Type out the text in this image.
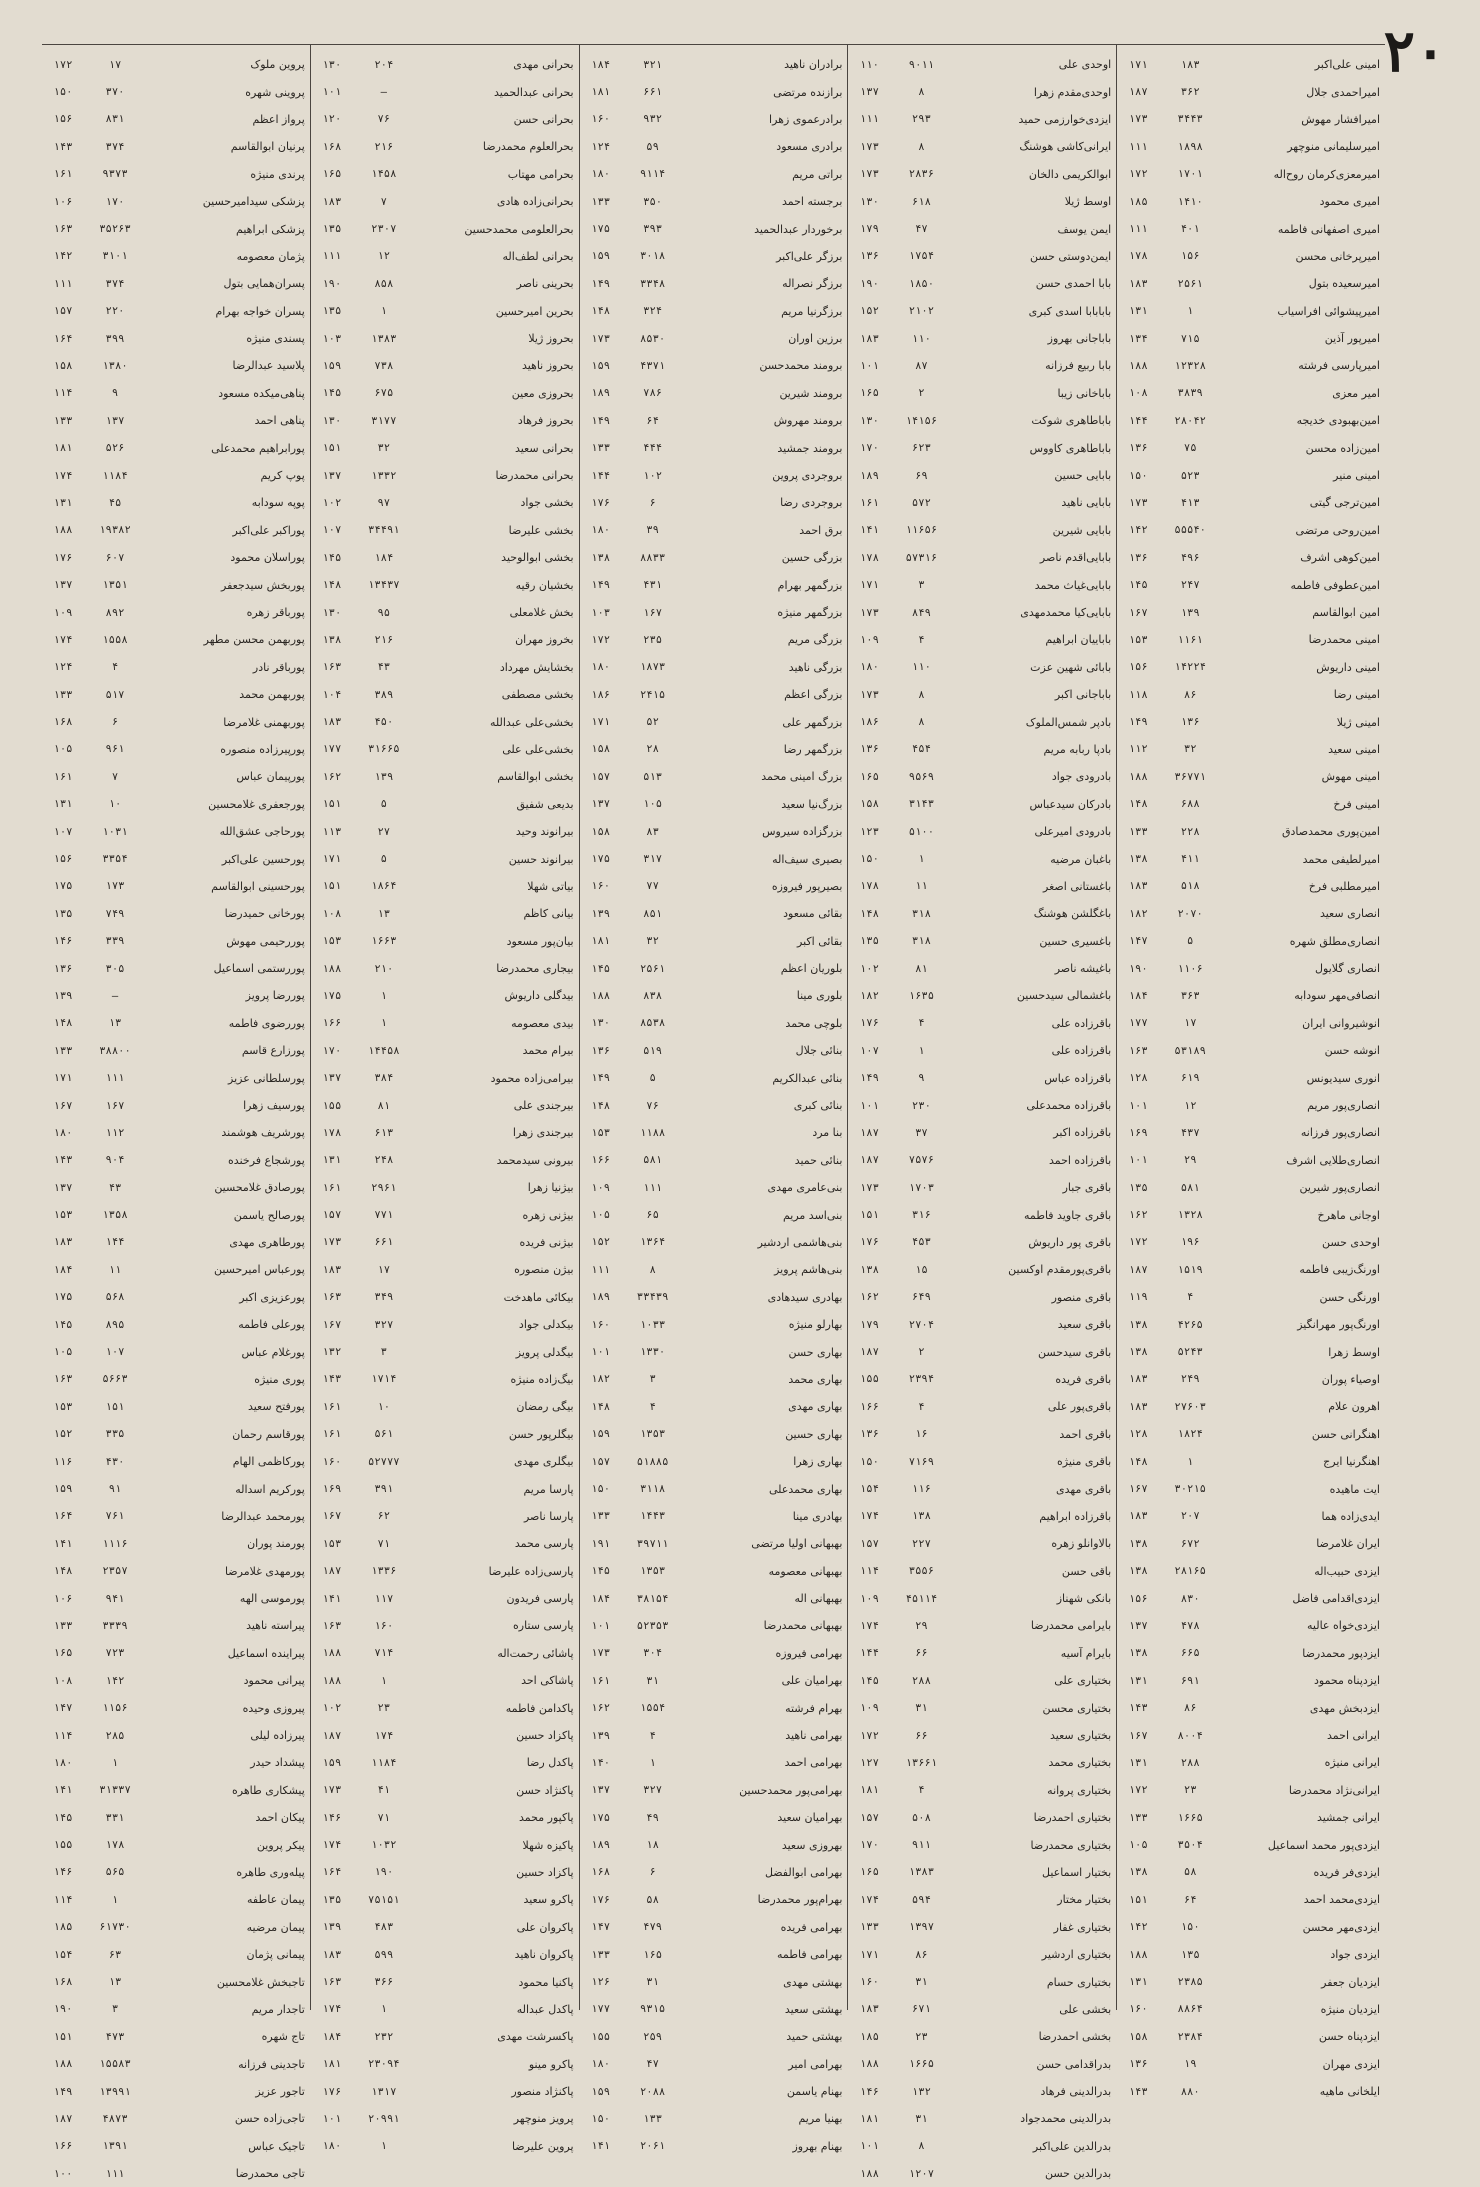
۲۰
امینی علی‌اکبر
۱۸۳
۱۷۱
امیراحمدی جلال
۳۶۲
۱۸۷
امیرافشار مهوش
۳۴۴۳
۱۷۳
امیرسلیمانی منوچهر
۱۸۹۸
۱۱۱
امیرمعزی‌کرمان روح‌اله
۱۷۰۱
۱۷۲
امیری محمود
۱۴۱۰
۱۸۵
امیری اصفهانی فاطمه
۴۰۱
۱۱۱
امیرپرخانی محسن
۱۵۶
۱۷۸
امیرسعیده بتول
۲۵۶۱
۱۸۳
امیرپیشوائی افراسیاب
۱
۱۳۱
امیرپور آذین
۷۱۵
۱۳۴
امیرپارسی فرشته
۱۲۳۲۸
۱۸۸
امیر معزی
۳۸۳۹
۱۰۸
امین‌بهبودی خدیجه
۲۸۰۴۲
۱۴۴
امین‌زاده محسن
۷۵
۱۳۶
امینی منیر
۵۲۳
۱۵۰
امین‌ترجی گیتی
۴۱۳
۱۷۳
امین‌روحی مرتضی
۵۵۵۴۰
۱۴۲
امین‌کوهی اشرف
۴۹۶
۱۳۶
امین‌عطوفی فاطمه
۲۴۷
۱۴۵
امین ابوالقاسم
۱۳۹
۱۶۷
امینی محمدرضا
۱۱۶۱
۱۵۳
امینی داریوش
۱۴۲۲۴
۱۵۶
امینی رضا
۸۶
۱۱۸
امینی ژیلا
۱۳۶
۱۴۹
امینی سعید
۳۲
۱۱۲
امینی مهوش
۳۶۷۷۱
۱۸۸
امینی فرخ
۶۸۸
۱۴۸
امین‌پوری محمدصادق
۲۲۸
۱۳۳
امیرلطیفی محمد
۴۱۱
۱۳۸
امیرمطلبی فرخ
۵۱۸
۱۸۳
انصاری سعید
۲۰۷۰
۱۸۲
انصاری‌مطلق شهره
۵
۱۴۷
انصاری گلایول
۱۱۰۶
۱۹۰
انصافی‌مهر سودابه
۳۶۳
۱۸۴
انوشیروانی ایران
۱۷
۱۷۷
انوشه حسن
۵۳۱۸۹
۱۶۳
انوری سیدیونس
۶۱۹
۱۲۸
انصاری‌پور مریم
۱۲
۱۰۱
انصاری‌پور فرزانه
۴۳۷
۱۶۹
انصاری‌طلایی اشرف
۲۹
۱۰۱
انصاری‌پور شیرین
۵۸۱
۱۳۵
اوجانی ماهرخ
۱۳۲۸
۱۶۲
اوحدی حسن
۱۹۶
۱۷۲
اورنگ‌زیبی فاطمه
۱۵۱۹
۱۸۷
اورنگی حسن
۴
۱۱۹
اورنگ‌پور مهرانگیز
۴۲۶۵
۱۳۸
اوسط زهرا
۵۲۴۳
۱۳۸
اوصیاء پوران
۲۴۹
۱۸۳
اهرون علام
۲۷۶۰۳
۱۸۳
اهنگرانی حسن
۱۸۲۴
۱۲۸
اهنگرنیا ایرج
۱
۱۴۸
ایت ماهیده
۳۰۲۱۵
۱۶۷
ایدی‌زاده هما
۲۰۷
۱۸۳
ایران غلامرضا
۶۷۲
۱۳۸
ایزدی حبیب‌اله
۲۸۱۶۵
۱۳۸
ایزدی‌اقدامی فاضل
۸۳۰
۱۵۶
ایزدی‌خواه عالیه
۴۷۸
۱۳۷
ایزدپور محمدرضا
۶۶۵
۱۳۸
ایزدپناه محمود
۶۹۱
۱۳۱
ایزدبخش مهدی
۸۶
۱۴۳
ایرانی احمد
۸۰۰۴
۱۶۷
ایرانی منیژه
۲۸۸
۱۳۱
ایرانی‌نژاد محمدرضا
۲۳
۱۷۲
ایرانی جمشید
۱۶۶۵
۱۳۳
ایزدی‌پور محمد اسماعیل
۳۵۰۴
۱۰۵
ایزدی‌فر فریده
۵۸
۱۳۸
ایزدی‌محمد احمد
۶۴
۱۵۱
ایزدی‌مهر محسن
۱۵۰
۱۴۲
ایزدی جواد
۱۳۵
۱۸۸
ایزدیان جعفر
۲۳۸۵
۱۳۱
ایزدیان منیژه
۸۸۶۴
۱۶۰
ایزدپناه حسن
۲۳۸۴
۱۵۸
ایزدی مهران
۱۹
۱۳۶
ایلخانی ماهیه
۸۸۰
۱۴۳
اوحدی علی
۹۰۱۱
۱۱۰
اوحدی‌مقدم زهرا
۸
۱۳۷
ایزدی‌خوارزمی حمید
۲۹۳
۱۱۱
ایرانی‌کاشی هوشنگ
۸
۱۷۳
ابوالکریمی دالخان
۲۸۳۶
۱۷۳
اوسط ژیلا
۶۱۸
۱۳۰
ایمن یوسف
۴۷
۱۷۹
ایمن‌دوستی حسن
۱۷۵۴
۱۳۶
بابا احمدی حسن
۱۸۵۰
۱۹۰
بابابابا اسدی کبری
۲۱۰۲
۱۵۲
باباجانی بهروز
۱۱۰
۱۸۳
بابا ربیع فرزانه
۸۷
۱۰۱
باباخانی زیبا
۲
۱۶۵
باباطاهری شوکت
۱۴۱۵۶
۱۳۰
باباطاهری کاووس
۶۲۳
۱۷۰
بابایی حسین
۶۹
۱۸۹
بابایی ناهید
۵۷۲
۱۶۱
بابایی شیرین
۱۱۶۵۶
۱۴۱
بابایی‌اقدم ناصر
۵۷۳۱۶
۱۷۸
بابایی‌غیاث محمد
۳
۱۷۱
بابایی‌کیا محمدمهدی
۸۴۹
۱۷۳
باباییان ابراهیم
۴
۱۰۹
بابائی شهین عزت
۱۱۰
۱۸۰
باباجانی اکبر
۸
۱۷۳
بادپر شمس‌الملوک
۸
۱۸۶
بادپا ربابه مریم
۴۵۴
۱۳۶
بادرودی جواد
۹۵۶۹
۱۶۵
بادرکان سیدعباس
۳۱۴۳
۱۵۸
بادرودی امیرعلی
۵۱۰۰
۱۲۳
باغبان مرضیه
۱
۱۵۰
باغستانی اصغر
۱۱
۱۷۸
باغگلشن هوشنگ
۳۱۸
۱۴۸
باغسیری حسین
۳۱۸
۱۳۵
باغیشه ناصر
۸۱
۱۰۲
باغشمالی سیدحسین
۱۶۳۵
۱۸۲
باقرزاده علی
۴
۱۷۶
باقرزاده علی
۱
۱۰۷
باقرزاده عباس
۹
۱۴۹
باقرزاده محمدعلی
۲۳۰
۱۰۱
باقرزاده اکبر
۳۷
۱۸۷
باقرزاده احمد
۷۵۷۶
۱۸۷
باقری جبار
۱۷۰۳
۱۷۳
باقری جاوید فاطمه
۳۱۶
۱۵۱
باقری پور داریوش
۴۵۳
۱۷۶
باقری‌پورمقدم اوکسین
۱۵
۱۳۸
باقری منصور
۶۴۹
۱۶۲
باقری سعید
۲۷۰۴
۱۷۹
باقری سیدحسن
۲
۱۸۷
باقری فریده
۲۳۹۴
۱۵۵
باقری‌پور علی
۴
۱۶۶
باقری احمد
۱۶
۱۳۶
باقری منیژه
۷۱۶۹
۱۵۰
باقری مهدی
۱۱۶
۱۵۴
باقرزاده ابراهیم
۱۳۸
۱۷۴
بالاوانلو زهره
۲۲۷
۱۵۷
باقی حسن
۳۵۵۶
۱۱۴
بانکی شهناز
۴۵۱۱۴
۱۰۹
بایرامی محمدرضا
۲۹
۱۷۴
بایرام آسیه
۶۶
۱۴۴
بختیاری علی
۲۸۸
۱۴۵
بختیاری محسن
۳۱
۱۰۹
بختیاری سعید
۶۶
۱۷۲
بختیاری محمد
۱۳۶۶۱
۱۲۷
بختیاری پروانه
۴
۱۸۱
بختیاری احمدرضا
۵۰۸
۱۵۷
بختیاری محمدرضا
۹۱۱
۱۷۰
بختیار اسماعیل
۱۳۸۳
۱۶۵
بختیار مختار
۵۹۴
۱۷۴
بختیاری غفار
۱۳۹۷
۱۳۳
بختیاری اردشیر
۸۶
۱۷۱
بختیاری حسام
۳۱
۱۶۰
بخشی علی
۶۷۱
۱۸۳
بخشی احمدرضا
۲۳
۱۸۵
بدراقدامی حسن
۱۶۶۵
۱۸۸
بدرالدینی فرهاد
۱۳۲
۱۴۶
بدرالدینی محمدجواد
۳۱
۱۸۱
بدرالدین علی‌اکبر
۸
۱۰۱
بدرالدین حسن
۱۲۰۷
۱۸۸
برادران ناهید
۳۲۱
۱۸۴
برازنده مرتضی
۶۶۱
۱۸۱
برادرعموی زهرا
۹۳۲
۱۶۰
برادری مسعود
۵۹
۱۲۴
براتی مریم
۹۱۱۴
۱۸۰
برجسته احمد
۳۵۰
۱۳۳
برخوردار عبدالحمید
۳۹۳
۱۷۵
برزگر علی‌اکبر
۳۰۱۸
۱۵۹
برزگر نصراله
۳۳۴۸
۱۴۹
برزگرنیا مریم
۳۲۴
۱۴۸
برزین اوران
۸۵۳۰
۱۷۳
برومند محمدحسن
۴۳۷۱
۱۵۹
برومند شیرین
۷۸۶
۱۸۹
برومند مهروش
۶۴
۱۴۹
برومند جمشید
۴۴۴
۱۳۳
بروجردی پروین
۱۰۲
۱۴۴
بروجردی رضا
۶
۱۷۶
برق احمد
۳۹
۱۸۰
بزرگی حسین
۸۸۳۳
۱۳۸
بزرگمهر بهرام
۴۳۱
۱۴۹
بزرگمهر منیژه
۱۶۷
۱۰۳
بزرگی مریم
۲۳۵
۱۷۲
بزرگی ناهید
۱۸۷۳
۱۸۰
بزرگی اعظم
۲۴۱۵
۱۸۶
بزرگمهر علی
۵۲
۱۷۱
بزرگمهر رضا
۲۸
۱۵۸
بزرگ امینی محمد
۵۱۳
۱۵۷
بزرگ‌نیا سعید
۱۰۵
۱۳۷
بزرگزاده سیروس
۸۳
۱۵۸
بصیری سیف‌اله
۳۱۷
۱۷۵
بصیرپور فیروزه
۷۷
۱۶۰
بقائی مسعود
۸۵۱
۱۳۹
بقائی اکبر
۳۲
۱۸۱
بلوریان اعظم
۲۵۶۱
۱۴۵
بلوری مینا
۸۳۸
۱۸۸
بلوچی محمد
۸۵۳۸
۱۳۰
بنائی جلال
۵۱۹
۱۳۶
بنائی عبدالکریم
۵
۱۴۹
بنائی کبری
۷۶
۱۴۸
بنا مرد
۱۱۸۸
۱۵۳
بنائی حمید
۵۸۱
۱۶۶
بنی‌عامری مهدی
۱۱۱
۱۰۹
بنی‌اسد مریم
۶۵
۱۰۵
بنی‌هاشمی اردشیر
۱۳۶۴
۱۵۲
بنی‌هاشم پرویز
۸
۱۱۱
بهادری سیدهادی
۳۳۴۳۹
۱۸۹
بهارلو منیژه
۱۰۳۳
۱۶۰
بهاری حسن
۱۳۳۰
۱۰۱
بهاری محمد
۳
۱۸۲
بهاری مهدی
۴
۱۴۸
بهاری حسین
۱۳۵۳
۱۵۹
بهاری زهرا
۵۱۸۸۵
۱۵۷
بهاری محمدعلی
۳۱۱۸
۱۵۰
بهادری مینا
۱۴۴۳
۱۳۳
بهبهانی اولیا مرتضی
۳۹۷۱۱
۱۹۱
بهبهانی معصومه
۱۳۵۳
۱۴۵
بهبهانی اله
۳۸۱۵۴
۱۸۴
بهبهانی محمدرضا
۵۲۳۵۳
۱۰۱
بهرامی فیروزه
۳۰۴
۱۷۳
بهرامیان علی
۳۱
۱۶۱
بهرام فرشته
۱۵۵۴
۱۶۲
بهرامی ناهید
۴
۱۳۹
بهرامی احمد
۱
۱۴۰
بهرامی‌پور محمدحسین
۳۲۷
۱۳۷
بهرامیان سعید
۴۹
۱۷۵
بهروزی سعید
۱۸
۱۸۹
بهرامی ابوالفضل
۶
۱۶۸
بهرام‌پور محمدرضا
۵۸
۱۷۶
بهرامی فریده
۴۷۹
۱۴۷
بهرامی فاطمه
۱۶۵
۱۳۳
بهشتی مهدی
۳۱
۱۲۶
بهشتی سعید
۹۳۱۵
۱۷۷
بهشتی حمید
۲۵۹
۱۵۵
بهرامی امیر
۴۷
۱۸۰
بهنام یاسمن
۲۰۸۸
۱۵۹
بهنیا مریم
۱۳۳
۱۵۰
بهنام بهروز
۲۰۶۱
۱۴۱
بحرانی مهدی
۲۰۴
۱۳۰
بحرانی عبدالحمید
—
۱۰۱
بحرانی حسن
۷۶
۱۲۰
بحرالعلوم محمدرضا
۲۱۶
۱۶۸
بحرامی مهتاب
۱۴۵۸
۱۶۵
بحرانی‌زاده هادی
۷
۱۸۳
بحرالعلومی محمدحسین
۲۳۰۷
۱۳۵
بحرانی لطف‌اله
۱۲
۱۱۱
بحرینی ناصر
۸۵۸
۱۹۰
بحرین امیرحسین
۱
۱۳۵
بحروز ژیلا
۱۳۸۳
۱۰۳
بحروز ناهید
۷۳۸
۱۵۹
بحروزی معین
۶۷۵
۱۴۵
بحروز فرهاد
۳۱۷۷
۱۳۰
بحرانی سعید
۳۲
۱۵۱
بحرانی محمدرضا
۱۳۳۲
۱۳۷
بخشی جواد
۹۷
۱۰۲
بخشی علیرضا
۳۴۴۹۱
۱۰۷
بخشی ابوالوحید
۱۸۴
۱۴۵
بخشیان رقیه
۱۳۴۳۷
۱۴۸
بخش غلامعلی
۹۵
۱۳۰
بخروز مهران
۲۱۶
۱۳۸
بخشایش مهرداد
۴۳
۱۶۳
بخشی مصطفی
۳۸۹
۱۰۴
بخشی‌علی عبدالله
۴۵۰
۱۸۳
بخشی‌علی علی
۳۱۶۶۵
۱۷۷
بخشی ابوالقاسم
۱۳۹
۱۶۲
بدیعی شفیق
۵
۱۵۱
بیرانوند وحید
۲۷
۱۱۳
بیرانوند حسین
۵
۱۷۱
بیاتی شهلا
۱۸۶۴
۱۵۱
بیانی کاظم
۱۳
۱۰۸
بیان‌پور مسعود
۱۶۶۳
۱۵۳
بیجاری محمدرضا
۲۱۰
۱۸۸
بیدگلی داریوش
۱
۱۷۵
بیدی معصومه
۱
۱۶۶
بیرام محمد
۱۴۴۵۸
۱۷۰
بیرامی‌زاده محمود
۳۸۴
۱۳۷
بیرجندی علی
۸۱
۱۵۵
بیرجندی زهرا
۶۱۳
۱۷۸
بیرونی سیدمحمد
۲۴۸
۱۳۱
بیژنیا زهرا
۲۹۶۱
۱۶۱
بیژنی زهره
۷۷۱
۱۵۷
بیژنی فریده
۶۶۱
۱۷۳
بیژن منصوره
۱۷
۱۸۳
بیکائی ماهدخت
۳۴۹
۱۶۳
بیکدلی جواد
۳۲۷
۱۶۷
بیگدلی پرویز
۳
۱۳۲
بیگ‌زاده منیژه
۱۷۱۴
۱۴۳
بیگی رمضان
۱۰
۱۶۱
بیگلرپور حسن
۵۶۱
۱۶۱
بیگلری مهدی
۵۲۷۷۷
۱۶۰
پارسا مریم
۳۹۱
۱۶۹
پارسا ناصر
۶۲
۱۶۷
پارسی محمد
۷۱
۱۵۳
پارسی‌زاده علیرضا
۱۳۳۶
۱۸۷
پارسی فریدون
۱۱۷
۱۴۱
پارسی ستاره
۱۶۰
۱۶۳
پاشائی رحمت‌اله
۷۱۴
۱۸۸
پاشاکی احد
۱
۱۸۸
پاکدامن فاطمه
۲۳
۱۰۲
پاکزاد حسین
۱۷۴
۱۸۷
پاکدل رضا
۱۱۸۴
۱۵۹
پاکنژاد حسن
۴۱
۱۷۳
پاکپور محمد
۷۱
۱۴۶
پاکیزه شهلا
۱۰۳۲
۱۷۴
پاکزاد حسین
۱۹۰
۱۶۴
پاکرو سعید
۷۵۱۵۱
۱۳۵
پاکروان علی
۴۸۳
۱۳۹
پاکروان ناهید
۵۹۹
۱۸۳
پاکنیا محمود
۳۶۶
۱۶۳
پاکدل عبداله
۱
۱۷۴
پاکسرشت مهدی
۲۳۲
۱۸۴
پاکرو مینو
۲۳۰۹۴
۱۸۱
پاکنژاد منصور
۱۳۱۷
۱۷۶
پرویز منوچهر
۲۰۹۹۱
۱۰۱
پروین علیرضا
۱
۱۸۰
پروین ملوک
۱۷
۱۷۲
پروینی شهره
۳۷۰
۱۵۰
پرواز اعظم
۸۳۱
۱۵۶
پرنیان ابوالقاسم
۳۷۴
۱۴۳
پرندی منیژه
۹۳۷۳
۱۶۱
پزشکی سیدامیرحسین
۱۷۰
۱۰۶
پزشکی ابراهیم
۳۵۲۶۳
۱۶۳
پژمان معصومه
۳۱۰۱
۱۴۲
پسران‌همایی بتول
۳۷۴
۱۱۱
پسران خواجه بهرام
۲۲۰
۱۵۷
پسندی منیژه
۳۹۹
۱۶۴
پلاسید عبدالرضا
۱۳۸۰
۱۵۸
پناهی‌میکده مسعود
۹
۱۱۴
پناهی احمد
۱۳۷
۱۳۳
پورابراهیم محمدعلی
۵۲۶
۱۸۱
پوپ کریم
۱۱۸۴
۱۷۴
پوپه سودابه
۴۵
۱۳۱
پوراکبر علی‌اکبر
۱۹۳۸۲
۱۸۸
پوراسلان محمود
۶۰۷
۱۷۶
پوربخش سیدجعفر
۱۳۵۱
۱۳۷
پورباقر زهره
۸۹۲
۱۰۹
پوربهمن محسن مطهر
۱۵۵۸
۱۷۴
پورباقر نادر
۴
۱۲۴
پوربهمن محمد
۵۱۷
۱۳۳
پوربهمنی غلامرضا
۶
۱۶۸
پورپیرزاده منصوره
۹۶۱
۱۰۵
پورپیمان عباس
۷
۱۶۱
پورجعفری غلامحسین
۱۰
۱۳۱
پورحاجی عشق‌الله
۱۰۳۱
۱۰۷
پورحسین علی‌اکبر
۳۳۵۴
۱۵۶
پورحسینی ابوالقاسم
۱۷۳
۱۷۵
پورخانی حمیدرضا
۷۴۹
۱۳۵
پوررحیمی مهوش
۳۳۹
۱۴۶
پوررستمی اسماعیل
۳۰۵
۱۳۶
پوررضا پرویز
—
۱۳۹
پوررضوی فاطمه
۱۳
۱۴۸
پورزارع قاسم
۳۸۸۰۰
۱۳۳
پورسلطانی عزیز
۱۱۱
۱۷۱
پورسیف زهرا
۱۶۷
۱۶۷
پورشریف هوشمند
۱۱۲
۱۸۰
پورشجاع فرخنده
۹۰۴
۱۴۳
پورصادق غلامحسین
۴۳
۱۳۷
پورصالح یاسمن
۱۳۵۸
۱۵۳
پورطاهری مهدی
۱۴۴
۱۸۳
پورعباس امیرحسین
۱۱
۱۸۴
پورعزیزی اکبر
۵۶۸
۱۷۵
پورعلی فاطمه
۸۹۵
۱۴۵
پورغلام عباس
۱۰۷
۱۰۵
پوری منیژه
۵۶۶۳
۱۶۳
پورفتح سعید
۱۵۱
۱۵۳
پورقاسم رحمان
۳۳۵
۱۵۲
پورکاظمی الهام
۴۳۰
۱۱۶
پورکریم اسداله
۹۱
۱۵۹
پورمحمد عبدالرضا
۷۶۱
۱۶۴
پورمند پوران
۱۱۱۶
۱۴۱
پورمهدی غلامرضا
۲۳۵۷
۱۴۸
پورموسی الهه
۹۴۱
۱۰۶
پیراسته ناهید
۳۳۳۹
۱۳۳
پیراینده اسماعیل
۷۲۳
۱۶۵
پیرانی محمود
۱۴۲
۱۰۸
پیروزی وحیده
۱۱۵۶
۱۴۷
پیرزاده لیلی
۲۸۵
۱۱۴
پیشداد حیدر
۱
۱۸۰
پیشکاری طاهره
۳۱۳۳۷
۱۴۱
پیکان احمد
۳۳۱
۱۴۵
پیکر پروین
۱۷۸
۱۵۵
پیله‌وری طاهره
۵۶۵
۱۴۶
پیمان عاطفه
۱
۱۱۴
پیمان مرضیه
۶۱۷۳۰
۱۸۵
پیمانی پژمان
۶۳
۱۵۴
تاجبخش غلامحسین
۱۳
۱۶۸
تاجدار مریم
۳
۱۹۰
تاج شهره
۴۷۳
۱۵۱
تاجدینی فرزانه
۱۵۵۸۳
۱۸۸
تاجور عزیز
۱۳۹۹۱
۱۴۹
تاجی‌زاده حسن
۴۸۷۳
۱۸۷
تاجیک عباس
۱۳۹۱
۱۶۶
تاجی محمدرضا
۱۱۱
۱۰۰
